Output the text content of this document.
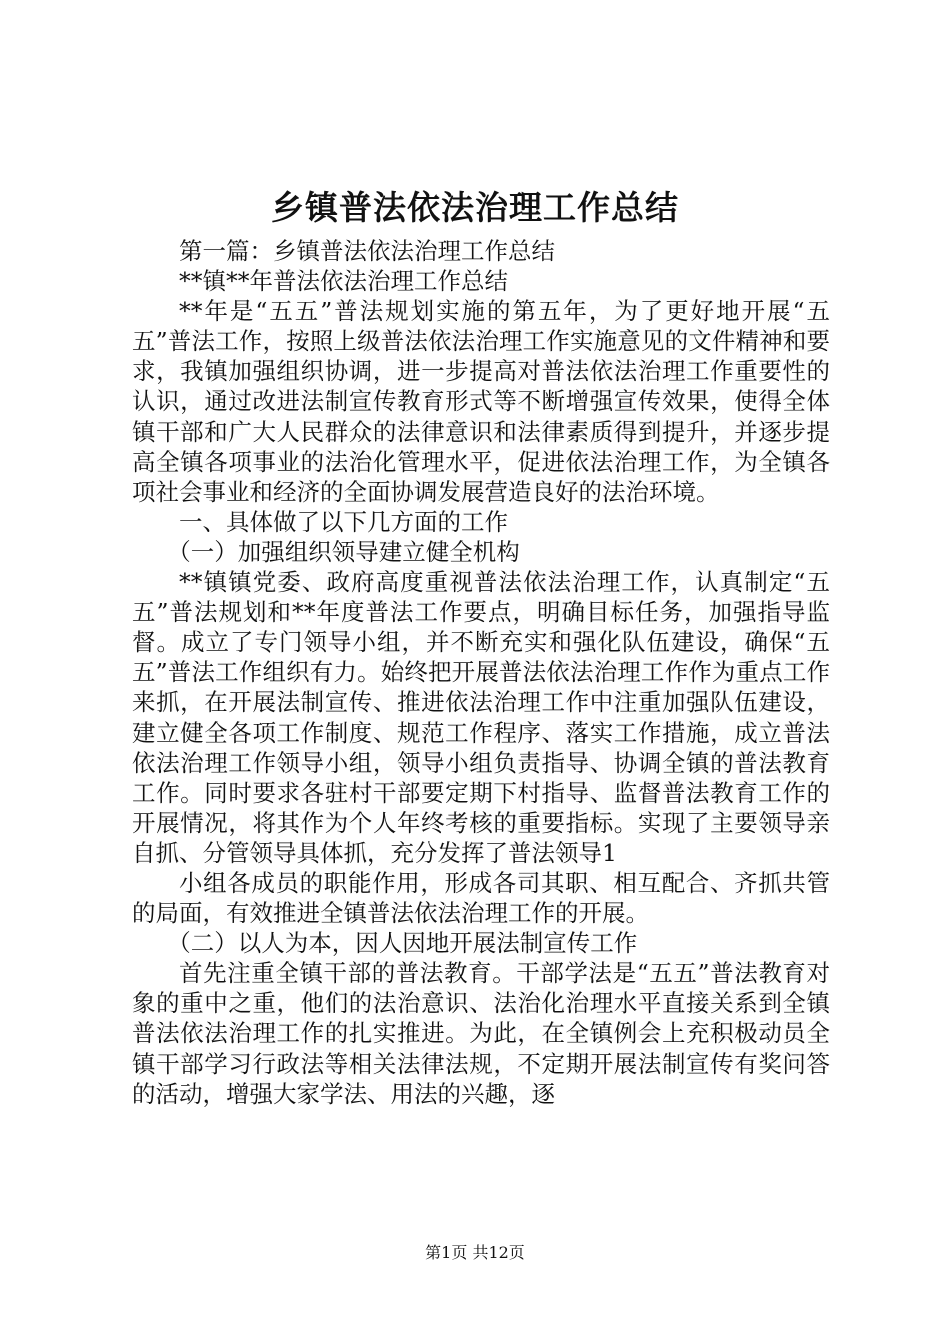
乡镇普法依法治理工作总结

第一篇：乡镇普法依法治理工作总结

**镇**年普法依法治理工作总结

**年是“五五”普法规划实施的第五年，为了更好地开展“五五”普法工作，按照上级普法依法治理工作实施意见的文件精神和要求，我镇加强组织协调，进一步提高对普法依法治理工作重要性的认识，通过改进法制宣传教育形式等不断增强宣传效果，使得全体镇干部和广大人民群众的法律意识和法律素质得到提升，并逐步提高全镇各项事业的法治化管理水平，促进依法治理工作，为全镇各项社会事业和经济的全面协调发展营造良好的法治环境。

一、具体做了以下几方面的工作

（一）加强组织领导建立健全机构

**镇镇党委、政府高度重视普法依法治理工作，认真制定“五五”普法规划和**年度普法工作要点，明确目标任务，加强指导监督。成立了专门领导小组，并不断充实和强化队伍建设，确保“五五”普法工作组织有力。始终把开展普法依法治理工作作为重点工作来抓，在开展法制宣传、推进依法治理工作中注重加强队伍建设，建立健全各项工作制度、规范工作程序、落实工作措施，成立普法依法治理工作领导小组，领导小组负责指导、协调全镇的普法教育工作。同时要求各驻村干部要定期下村指导、监督普法教育工作的开展情况，将其作为个人年终考核的重要指标。实现了主要领导亲自抓、分管领导具体抓，充分发挥了普法领导1

小组各成员的职能作用，形成各司其职、相互配合、齐抓共管的局面，有效推进全镇普法依法治理工作的开展。

（二）以人为本，因人因地开展法制宣传工作

首先注重全镇干部的普法教育。干部学法是“五五”普法教育对象的重中之重，他们的法治意识、法治化治理水平直接关系到全镇普法依法治理工作的扎实推进。为此，在全镇例会上充积极动员全镇干部学习行政法等相关法律法规，不定期开展法制宣传有奖问答的活动，增强大家学法、用法的兴趣，逐

第1页 共12页
